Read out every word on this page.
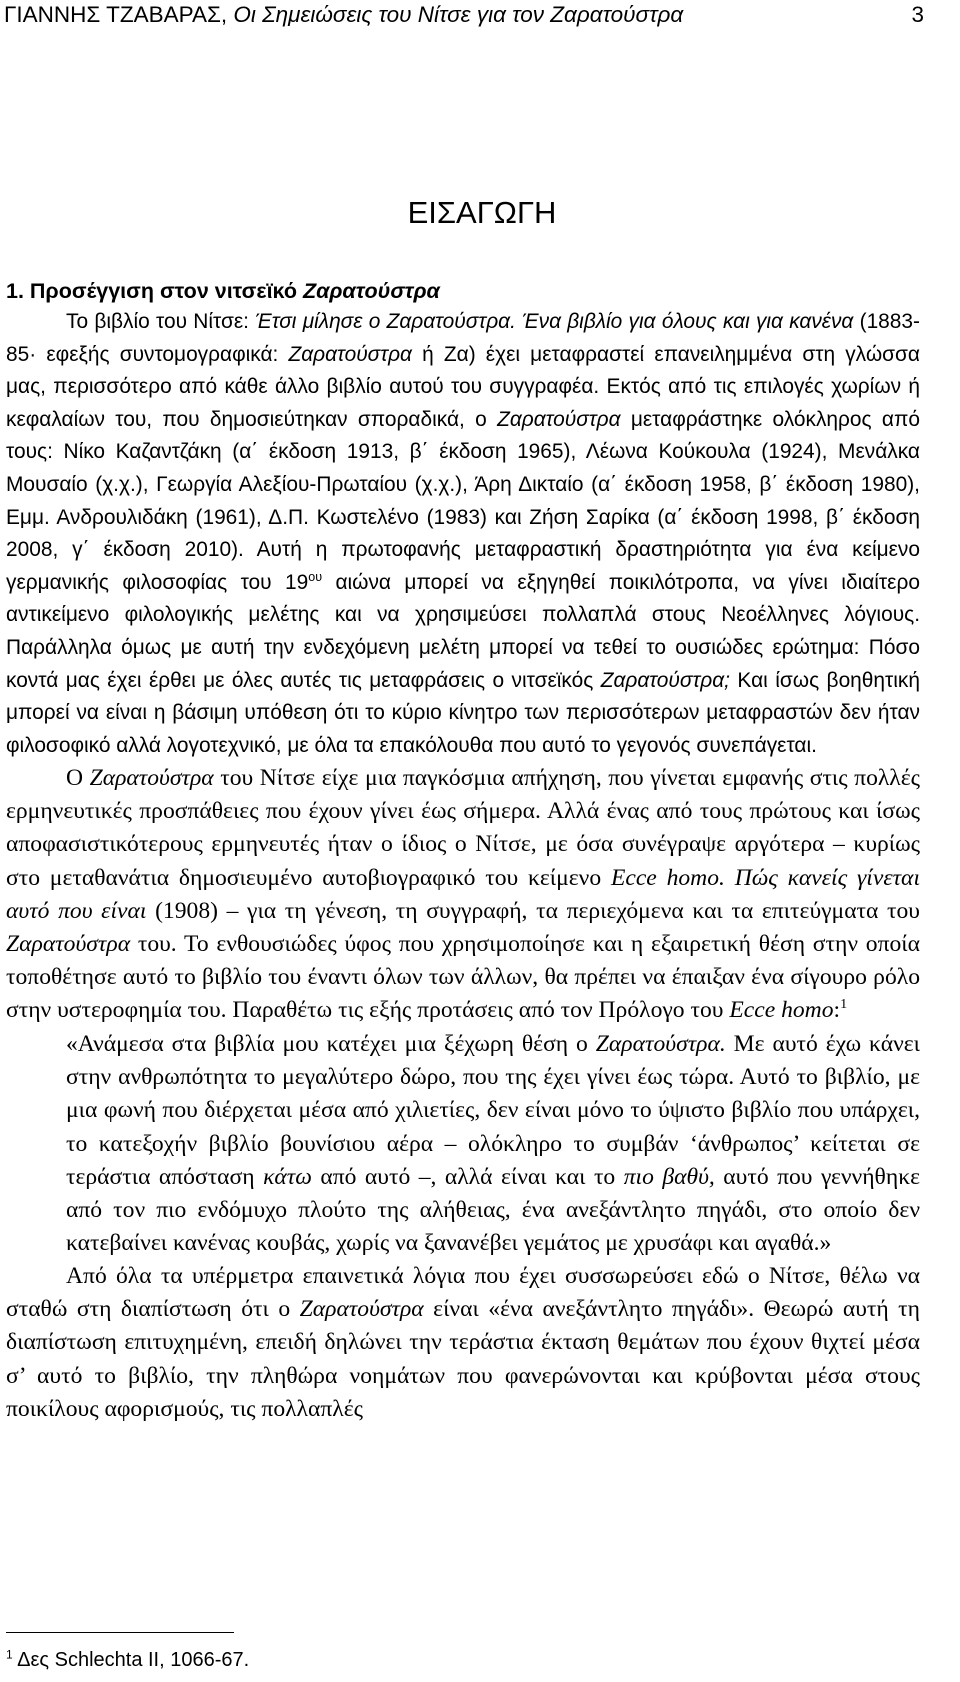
ΓΙΑΝΝΗΣ ΤΖΑΒΑΡΑΣ, Οι Σημειώσεις του Νίτσε για τον Ζαρατούστρα	3
ΕΙΣΑΓΩΓΗ
1. Προσέγγιση στον νιτσεϊκό Ζαρατούστρα
Το βιβλίο του Νίτσε: Έτσι μίλησε ο Ζαρατούστρα. Ένα βιβλίο για όλους και για κανένα (1883-85· εφεξής συντομογραφικά: Ζαρατούστρα ή Ζα) έχει μεταφραστεί επανειλημμένα στη γλώσσα μας, περισσότερο από κάθε άλλο βιβλίο αυτού του συγγραφέα. Εκτός από τις επιλογές χωρίων ή κεφαλαίων του, που δημοσιεύτηκαν σποραδικά, ο Ζαρατούστρα μεταφράστηκε ολόκληρος από τους: Νίκο Καζαντζάκη (α΄ έκδοση 1913, β΄ έκδοση 1965), Λέωνα Κούκουλα (1924), Μενάλκα Μουσαίο (χ.χ.), Γεωργία Αλεξίου-Πρωταίου (χ.χ.), Άρη Δικταίο (α΄ έκδοση 1958, β΄ έκδοση 1980), Εμμ. Ανδρουλιδάκη (1961), Δ.Π. Κωστελένο (1983) και Ζήση Σαρίκα (α΄ έκδοση 1998, β΄ έκδοση 2008, γ΄ έκδοση 2010). Αυτή η πρωτοφανής μεταφραστική δραστηριότητα για ένα κείμενο γερμανικής φιλοσοφίας του $19^{o\upsilon}$ αιώνα μπορεί να εξηγηθεί ποικιλότροπα, να γίνει ιδιαίτερο αντικείμενο φιλολογικής μελέτης και να χρησιμεύσει πολλαπλά στους Νεοέλληνες λόγιους. Παράλληλα όμως με αυτή την ενδεχόμενη μελέτη μπορεί να τεθεί το ουσιώδες ερώτημα: Πόσο κοντά μας έχει έρθει με όλες αυτές τις μεταφράσεις ο νιτσεϊκός Ζαρατούστρα; Και ίσως βοηθητική μπορεί να είναι η βάσιμη υπόθεση ότι το κύριο κίνητρο των περισσότερων μεταφραστών δεν ήταν φιλοσοφικό αλλά λογοτεχνικό, με όλα τα επακόλουθα που αυτό το γεγονός συνεπάγεται.
Ο Ζαρατούστρα του Νίτσε είχε μια παγκόσμια απήχηση, που γίνεται εμφανής στις πολλές ερμηνευτικές προσπάθειες που έχουν γίνει έως σήμερα. Αλλά ένας από τους πρώτους και ίσως αποφασιστικότερους ερμηνευτές ήταν ο ίδιος ο Νίτσε, με όσα συνέγραψε αργότερα – κυρίως στο μεταθανάτια δημοσιευμένο αυτοβιογραφικό του κείμενο Ecce homo. Πώς κανείς γίνεται αυτό που είναι (1908) – για τη γένεση, τη συγγραφή, τα περιεχόμενα και τα επιτεύγματα του Ζαρατούστρα του. Το ενθουσιώδες ύφος που χρησιμοποίησε και η εξαιρετική θέση στην οποία τοποθέτησε αυτό το βιβλίο του έναντι όλων των άλλων, θα πρέπει να έπαιξαν ένα σίγουρο ρόλο στην υστεροφημία του. Παραθέτω τις εξής προτάσεις από τον Πρόλογο του Ecce homo:$^1$
«Ανάμεσα στα βιβλία μου κατέχει μια ξέχωρη θέση ο Ζαρατούστρα. Με αυτό έχω κάνει στην ανθρωπότητα το μεγαλύτερο δώρο, που της έχει γίνει έως τώρα. Αυτό το βιβλίο, με μια φωνή που διέρχεται μέσα από χιλιετίες, δεν είναι μόνο το ύψιστο βιβλίο που υπάρχει, το κατεξοχήν βιβλίο βουνίσιου αέρα – ολόκληρο το συμβάν ‘άνθρωπος’ κείτεται σε τεράστια απόσταση κάτω από αυτό –, αλλά είναι και το πιο βαθύ, αυτό που γεννήθηκε από τον πιο ενδόμυχο πλούτο της αλήθειας, ένα ανεξάντλητο πηγάδι, στο οποίο δεν κατεβαίνει κανένας κουβάς, χωρίς να ξανανέβει γεμάτος με χρυσάφι και αγαθά.»
Από όλα τα υπέρμετρα επαινετικά λόγια που έχει συσσωρεύσει εδώ ο Νίτσε, θέλω να σταθώ στη διαπίστωση ότι ο Ζαρατούστρα είναι «ένα ανεξάντλητο πηγάδι». Θεωρώ αυτή τη διαπίστωση επιτυχημένη, επειδή δηλώνει την τεράστια έκταση θεμάτων που έχουν θιχτεί μέσα σ’ αυτό το βιβλίο, την πληθώρα νοημάτων που φανερώνονται και κρύβονται μέσα στους ποικίλους αφορισμούς, τις πολλαπλές
$^1$ Δες Schlechta II, 1066-67.
